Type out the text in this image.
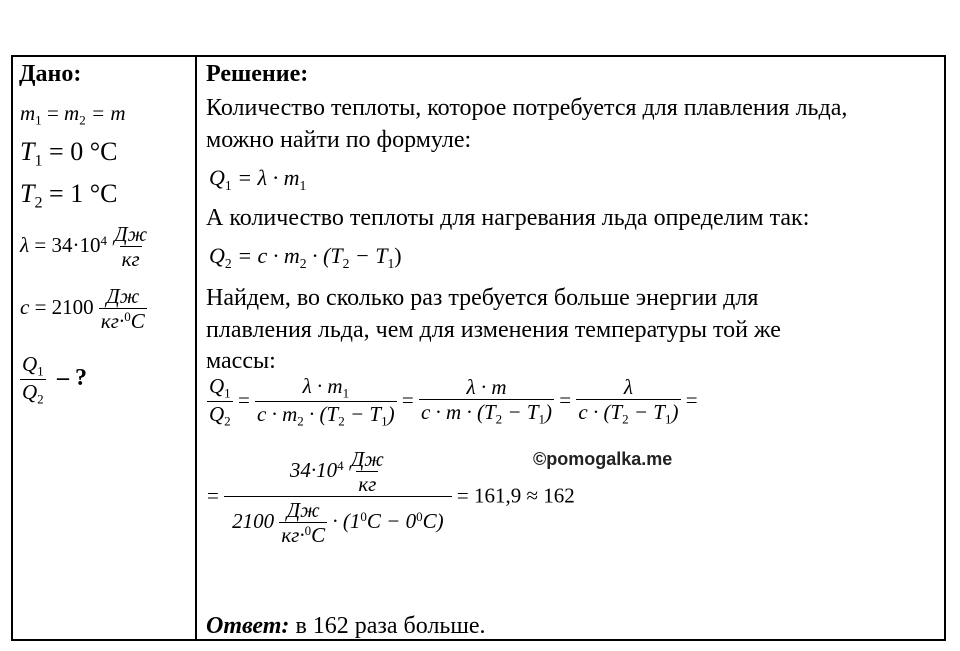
Дано:
$m_1 = m_2 = m$
$T_1 = 0$ °C
$T_2 = 1$ °C
$\lambda = 34\cdot 10^4 \frac{Дж}{кг}$
$c = 2100 \frac{Дж}{кг\cdot^0C}$
$\frac{Q_1}{Q_2}$ – ?
Решение:
Количество теплоты, которое потребуется для плавления льда,
можно найти по формуле:
$Q_1 = \lambda \cdot m_1$
А количество теплоты для нагревания льда определим так:
$Q_2 = c \cdot m_2 \cdot (T_2 - T_1)$
Найдем, во сколько раз требуется больше энергии для
плавления льда, чем для изменения температуры той же
массы:
$\frac{Q_1}{Q_2} = \frac{\lambda \cdot m_1}{c \cdot m_2 \cdot (T_2 - T_1)} = \frac{\lambda \cdot m}{c \cdot m \cdot (T_2 - T_1)} = \frac{\lambda}{c \cdot (T_2 - T_1)}$ =
= $\frac{34\cdot 10^4 \frac{Дж}{кг}}{2100 \frac{Дж}{кг\cdot^0C} \cdot (1^0C - 0^0C)} = 161,9 \approx 162$
Ответ: в 162 раза больше.
©pomogalka.me
